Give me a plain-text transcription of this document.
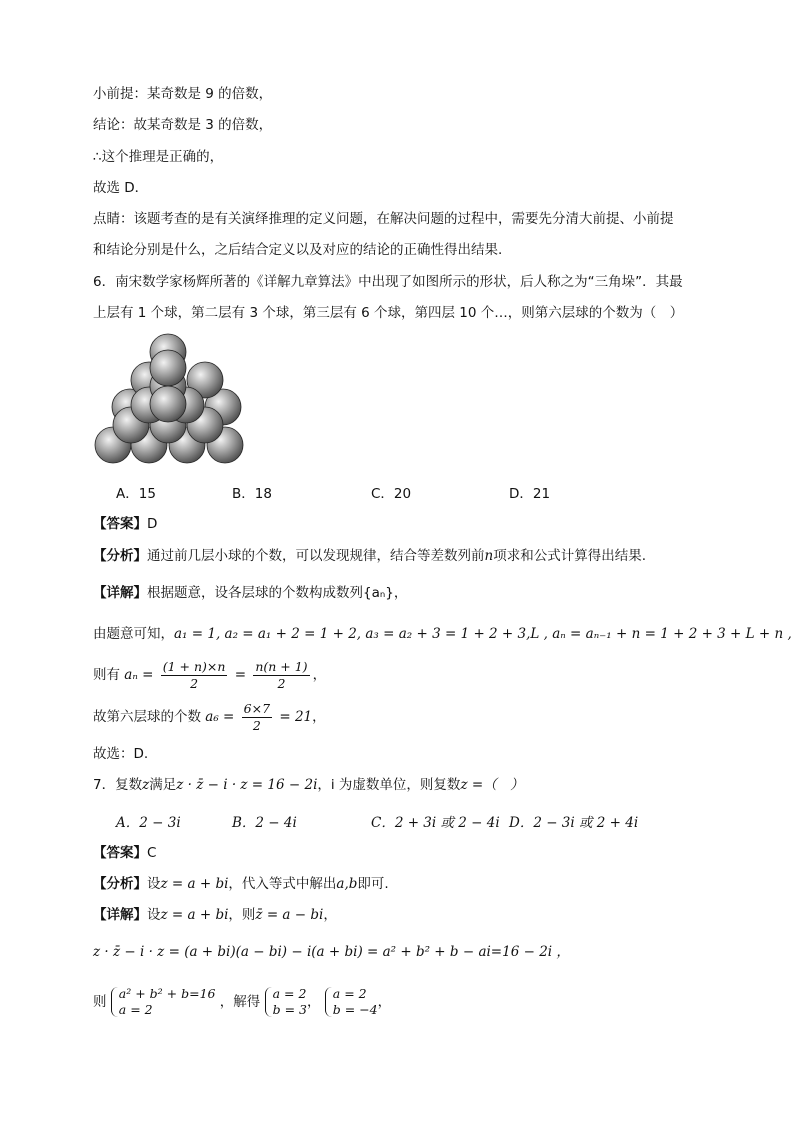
小前提：某奇数是 9 的倍数，
结论：故某奇数是 3 的倍数，
∴这个推理是正确的，
故选 D．
点睛：该题考查的是有关演绎推理的定义问题，在解决问题的过程中，需要先分清大前提、小前提
和结论分别是什么，之后结合定义以及对应的结论的正确性得出结果.
6．南宋数学家杨辉所著的《详解九章算法》中出现了如图所示的形状，后人称之为“三角垛”．其最
上层有 1 个球，第二层有 3 个球，第三层有 6 个球，第四层 10 个…，则第六层球的个数为（　）
A．15	B．18	C．20	D．21
【答案】D
【分析】通过前几层小球的个数，可以发现规律，结合等差数列前n项求和公式计算得出结果.
【详解】根据题意，设各层球的个数构成数列{aₙ}，
由题意可知，a₁ = 1, a₂ = a₁ + 2 = 1 + 2, a₃ = a₂ + 3 = 1 + 2 + 3,L , aₙ = aₙ₋₁ + n = 1 + 2 + 3 + L + n ,
则有 $a_n = \frac{(1 + n)\times n}{2} = \frac{n(n + 1)}{2}$ ，
故第六层球的个数 $a_6 = \frac{6\times 7}{2} = 21$，
故选：D.
7．复数z满足z · z̄ − i · z = 16 − 2i，i 为虚数单位，则复数z =（　）
A．2 − 3i	B．2 − 4i	C．2 + 3i 或 2 − 4i D．2 − 3i 或 2 + 4i
【答案】C
【分析】设z = a + bi，代入等式中解出a,b即可.
【详解】设z = a + bi，则z̄ = a − bi，
z · z̄ − i · z = (a + bi)(a − bi) − i(a + bi) = a² + b² + b − ai=16 − 2i ，
则
a² + b² + b=16
a = 2	，解得
a = 2
b = 3 ，
a = 2
b = −4 ，
